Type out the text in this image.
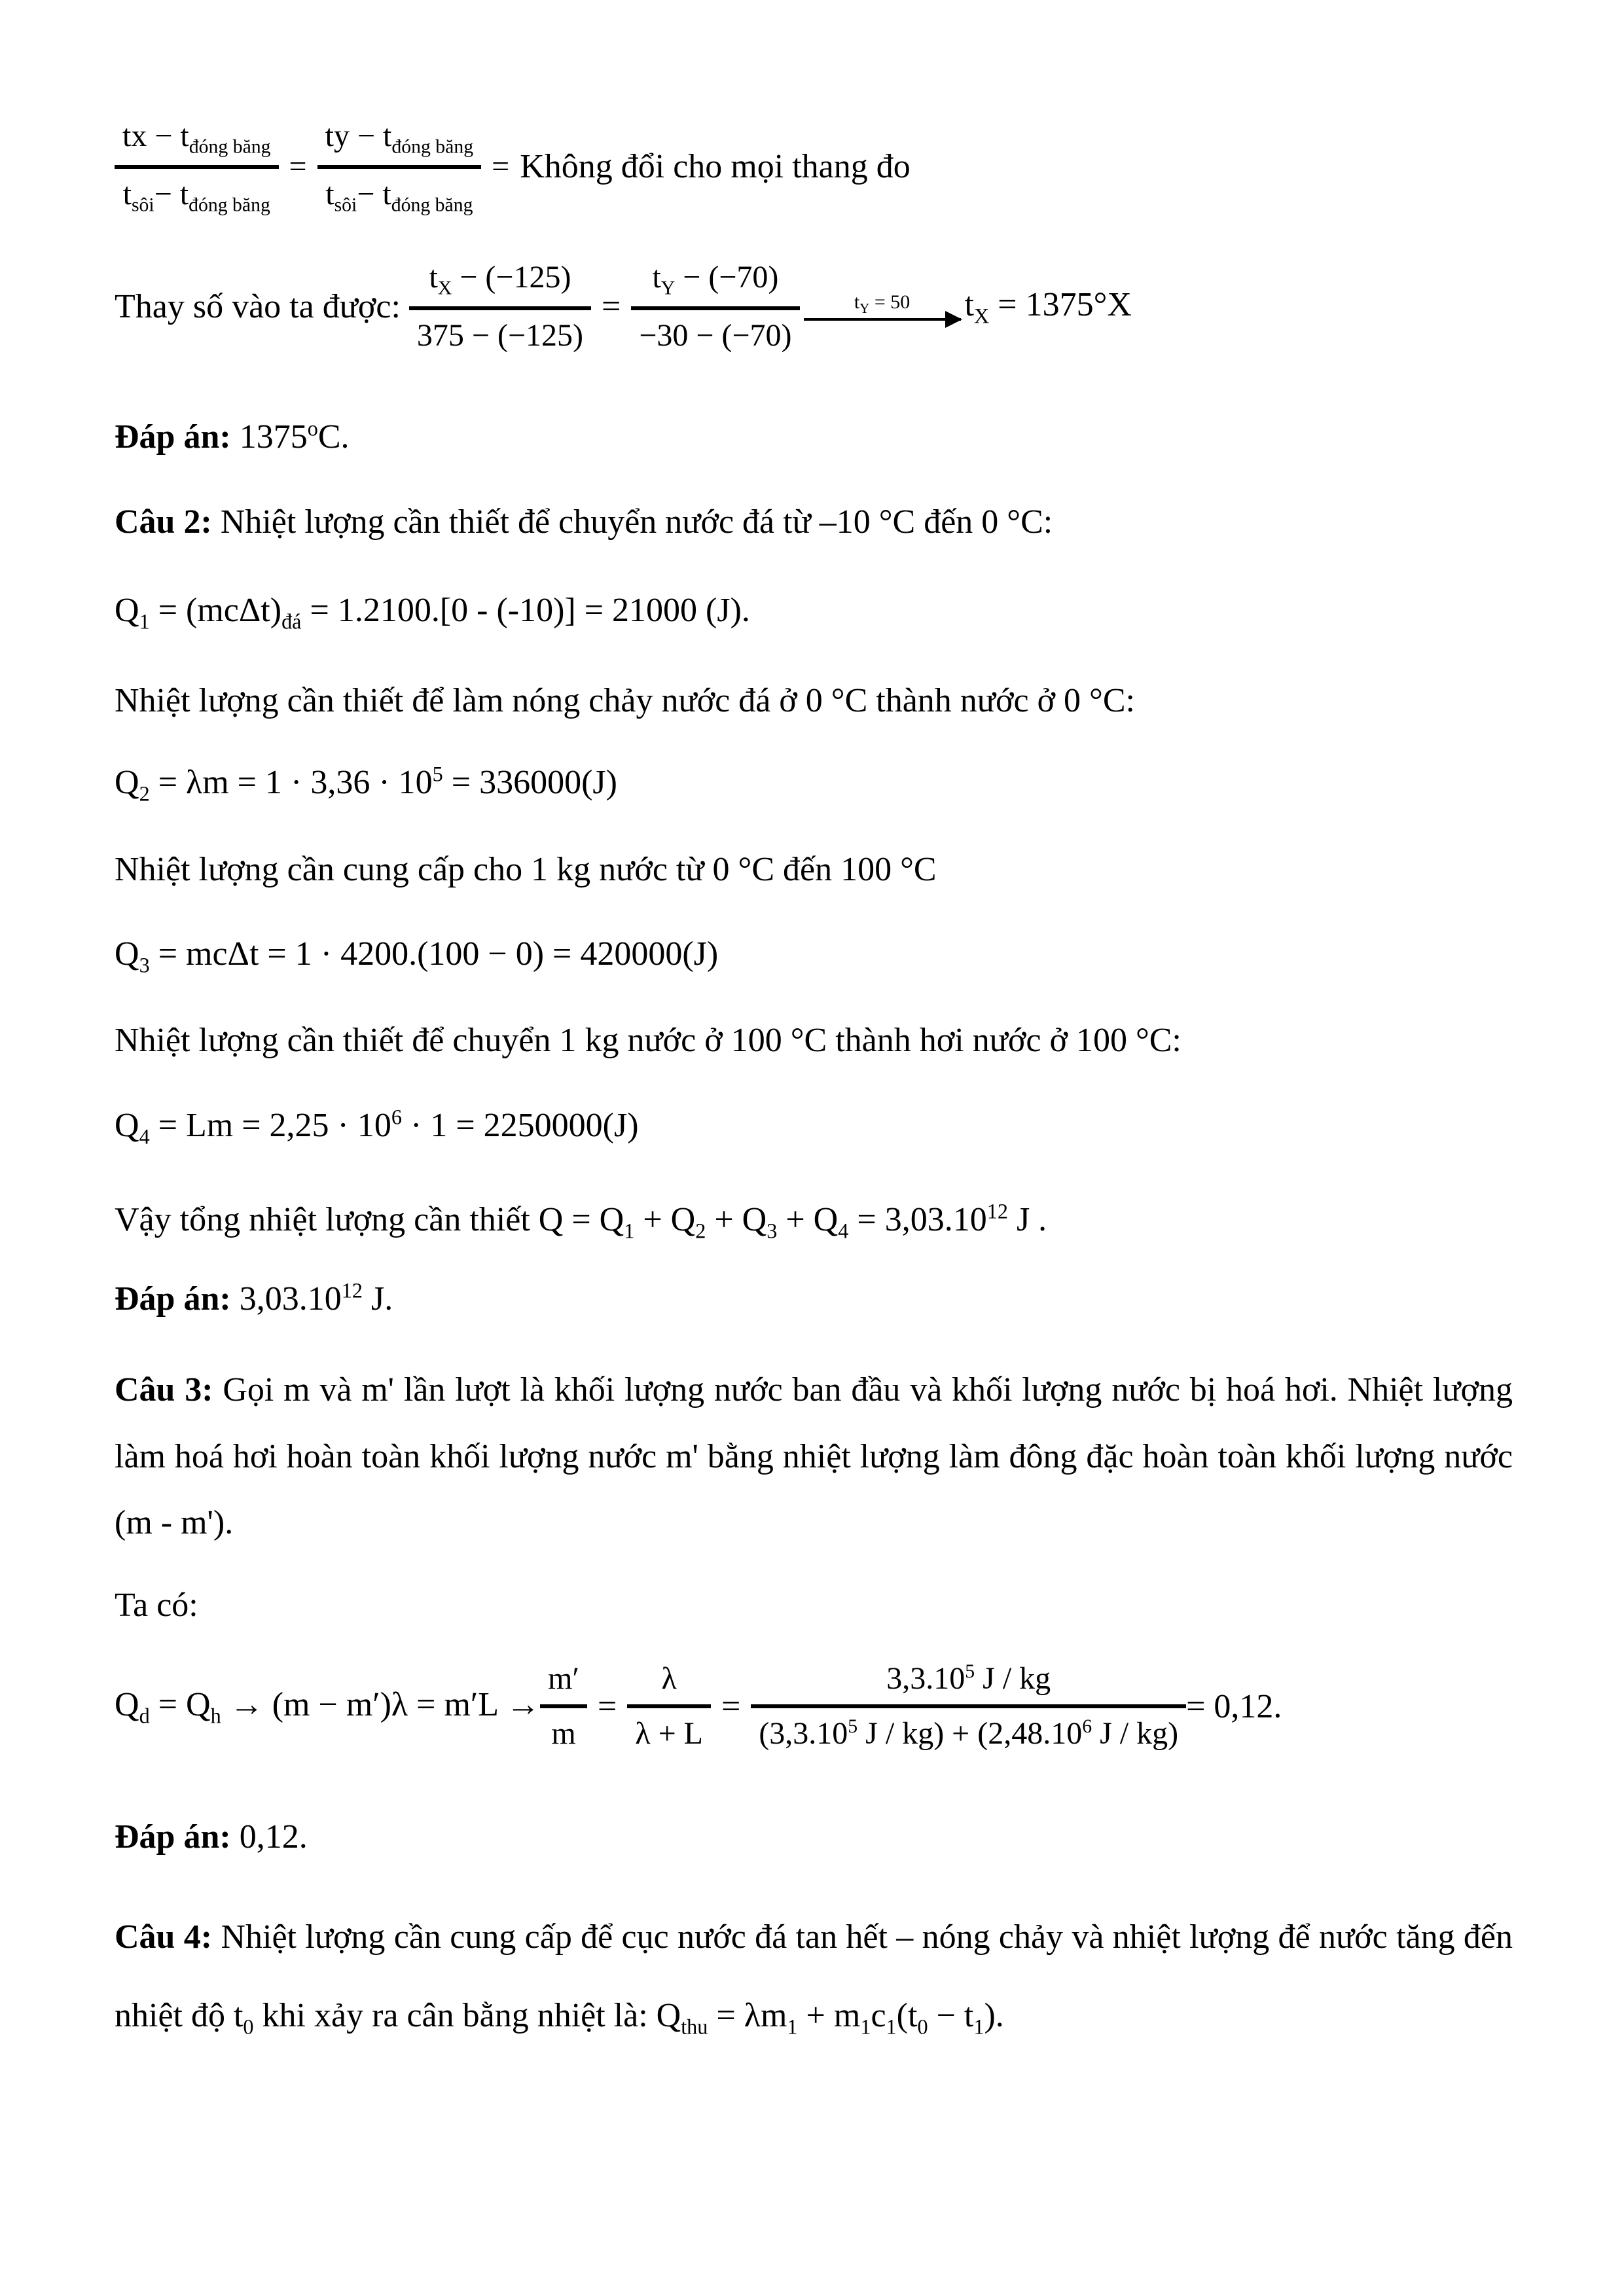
$\frac{tx - t_{đóng băng}}{t_{sôi}- t_{đóng băng}} = \frac{ty - t_{đóng băng}}{t_{sôi}- t_{đóng băng}}$ = Không đổi cho mọi thang đo
Thay số vào ta được: $\frac{t_X - (-125)}{375 - (-125)} = \frac{t_Y - (-70)}{-30 - (-70)}$	$t_Y = 50$ $t_X = 1375^\circ X$

Đáp án: 1375$^o$C.

Câu 2: Nhiệt lượng cần thiết để chuyển nước đá từ –10 °C đến 0 °C:

$Q_1 = (mc\Delta t)_{đá} = 1.2100.[0 - (-10)] = 21000$ (J).

Nhiệt lượng cần thiết để làm nóng chảy nước đá ở 0 °C thành nước ở 0 °C:

$Q_2 = \lambda m = 1 \cdot 3,36 \cdot 10^5 = 336000(J)$

Nhiệt lượng cần cung cấp cho 1 kg nước từ 0 °C đến 100 °C

$Q_3 = mc\Delta t = 1 \cdot 4200.(100 - 0) = 420000(J)$

Nhiệt lượng cần thiết để chuyển 1 kg nước ở 100 °C thành hơi nước ở 100 °C:

$Q_4 = Lm = 2,25 \cdot 10^6 \cdot 1 = 2250000(J)$

Vậy tổng nhiệt lượng cần thiết $Q = Q_1 + Q_2 + Q_3 + Q_4 = 3,03.10^{12}$ J .

Đáp án: 3,03.10$^{12}$ J.

Câu 3: Gọi m và m' lần lượt là khối lượng nước ban đầu và khối lượng nước bị hoá hơi. Nhiệt lượng làm hoá hơi hoàn toàn khối lượng nước m' bằng nhiệt lượng làm đông đặc hoàn toàn khối lượng nước (m - m').

Ta có:

$Q_d = Q_h \to (m - m')\lambda = m'L \to \frac{m'}{m} = \frac{\lambda}{\lambda + L} = \frac{3,3.10^5 J / kg}{(3,3.10^5 J / kg) + (2,48.10^6 J / kg)} = 0,12$.

Đáp án: 0,12.

Câu 4: Nhiệt lượng cần cung cấp để cục nước đá tan hết – nóng chảy và nhiệt lượng để nước tăng đến nhiệt độ $t_0$ khi xảy ra cân bằng nhiệt là: $Q_{thu} = \lambda m_1 + m_1c_1(t_0 - t_1)$.
